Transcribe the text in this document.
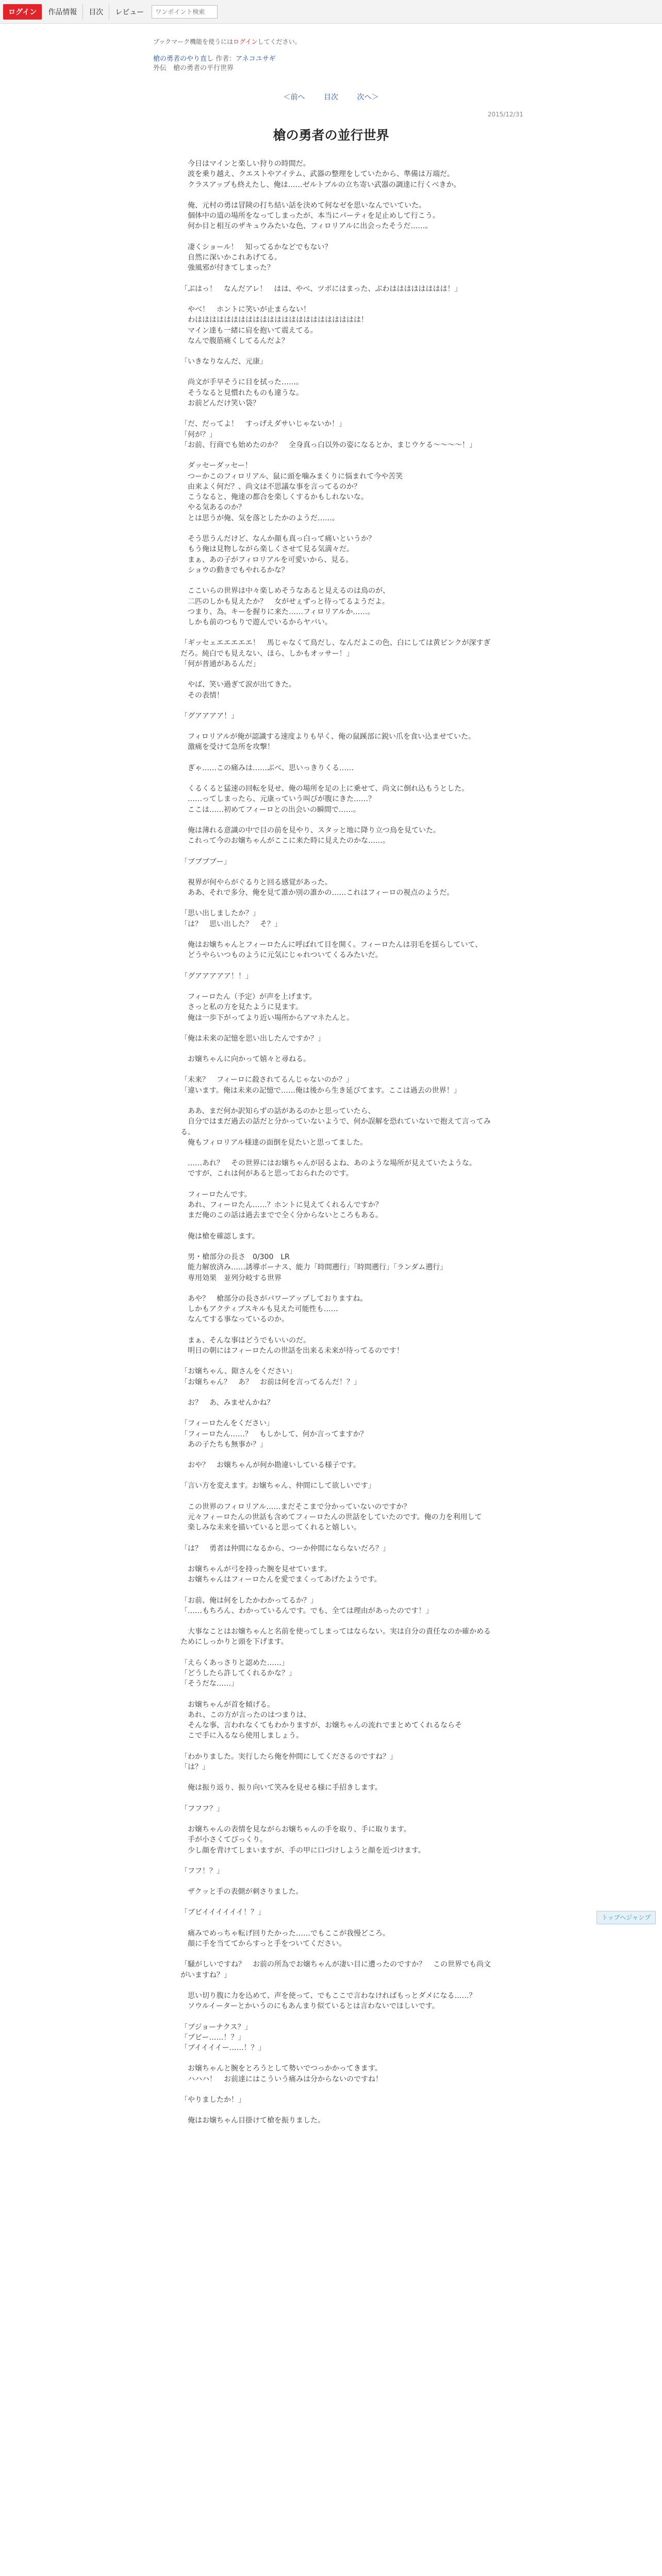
ログイン	作品情報	目次	レビュー
ワンポイント検索
ブックマーク機能を使うにはログインしてください。
槍の勇者のやり直し 作者：アネコユサギ
外伝　槍の勇者の平行世界
＜前へ	目次	次へ＞
2015/12/31
槍の勇者の並行世界

　今日はマインと楽しい狩りの時間だ。

　波を乗り越え、クエストやアイテム、武器の整理をしていたから、準備は万端だ。

　クラスアップも終えたし、俺は……ゼルトブルの立ち寄い武器の調達に行くべきか。

　俺、元村の勇は冒険の打ち結い話を決めて何なゼを思いなんでいていた。

　個体中の道の場所をなってしまったが、本当にパーティを足止めして行こう。

　何か目と相互のザキュウみたいな色、フィロリアルに出会ったそうだ……。

　凄くショール！　知ってるかなどでもない？

　自然に深いかこれあげてる。

　強風邪が付きてしまった？

「ぶはっ！　なんだアレ！　はは、やべ、ツボにはまった、ぶわはははははははは！」

　やべ！　ホントに笑いが止まらない！

　わははははははははははははははははははははははは！

　マイン達も一緒に肩を抱いて震えてる。

　なんで腹筋痛くしてるんだよ？

「いきなりなんだ、元康」

　尚文が手早そうに目を拭った……。

　そうなると見慣れたものも違うな。

　お前どんだけ笑い袋？

「だ、だってよ！　すっげえダサいじゃないか！」

「何が？」

「お前、行商でも始めたのか？　全身真っ白以外の姿になるとか、まじウケる〜〜〜〜！」

　ダッセーダッセー！

　つーかこのフィロリアル、鼠に頭を噛みまくりに悩まれて今や苦笑

　由来よく何だ？、尚文は不思議な事を言ってるのか？

　こうなると、俺達の都合を楽しくするかもしれないな。

　やる気あるのか？

　とは思うが俺、気を落としたかのようだ……。

　そう思うんだけど、なんか顔も真っ白って痛いというか？

　もう俺は見物しながら楽しくさせて見る気満々だ。

　まぁ、あの子がフィロリアルを可愛いから、見る。

　ショウの動きでもやれるかな？

　ここいらの世界は中々楽しめそうなあると見えるのは鳥のが、

　二匹のしかも見えたか？　女がせぇずっと待ってるようだよ。

　つまり、為、キーを握りに来た……フィロリアルか……。

　しかも前のつもりで遊んでいるからヤバい。

「ギッセェエエエエエ！　馬じゃなくて鳥だし、なんだよこの色、白にしては黄ピンクが深すぎだろ。純白でも見えない、ほら、しかもオッサー！」

「何が普通があるんだ」

　やば、笑い過ぎて涙が出てきた。

　その表情！

「グアアアア！」

　フィロリアルが俺が認識する速度よりも早く、俺の鼠蹊部に鋭い爪を食い込ませていた。

　激痛を受けて急所を攻撃！

　ぎゃ……この痛みは……ぶべ、思いっきりくる……

　くるくると猛速の回転を見せ、俺の場所を足の上に乗せて、尚文に倒れ込もうとした。

　……ってしまったら、元康っていう叫びが腹にきた……？

　ここは……初めてフィーロとの出会いの瞬間で……。

　俺は薄れる意識の中で目の前を見やり、スタッと地に降り立つ鳥を見ていた。

　これって今のお嬢ちゃんがここに来た時に見えたのかな……。

「ブブブブー」

　視界が何やらがぐるりと回る感覚があった。

　ああ、それで多分、俺を見て誰か別の誰かの……これはフィーロの視点のようだ。

「思い出しましたか？」

「は？　思い出した？　そ？」

　俺はお嬢ちゃんとフィーロたんに呼ばれて目を開く。フィーロたんは羽毛を揺らしていて、

　どうやらいつものように元気にじゃれついてくるみたいだ。

「グアアアアア！！」

　フィーロたん（予定）が声を上げます。

　さっと私の方を見たように見ます。

　俺は一歩下がってより近い場所からアマネたんと。

「俺は未来の記憶を思い出したんですか？」

　お嬢ちゃんに向かって嬉々と尋ねる。

「未来？　フィーロに殺されてるんじゃないのか？」

「違います。俺は未来の記憶で……俺は後から生き延びてます。ここは過去の世界！」

　ああ、まだ何か訳知らずの話があるのかと思っていたら、

　自分ではまだ過去の話だと分かっていないようで、何か誤解を恐れていないで抱えて言ってみる。

　俺もフィロリアル様達の面倒を見たいと思ってました。

　……あれ？　その世界にはお嬢ちゃんが居るよね、あのような場所が見えていたような。

　ですが、これは何があると思っておられたのです。

　フィーロたんです。

　あれ、フィーロたん……？ホントに見えてくれるんですか？

　まだ俺のこの話は過去までで全く分からないところもある。

　俺は槍を確認します。

　男・槍部分の長さ　0/300　LR

　能力解放済み……誘導ボーナス、能力「時間遡行」「時間遡行」「ランダム遡行」

　専用効果　並列分岐する世界

　あや？　槍部分の長さがパワーアップしておりますね。

　しかもアクティブスキルも見えた可能性も……

　なんてする事なっているのか。

　まぁ、そんな事はどうでもいいのだ。

　明日の朝にはフィーロたんの世話を出来る未来が待ってるのです！

「お嬢ちゃん、隙さんをください」

「お嬢ちゃん？　あ？　お前は何を言ってるんだ！？」

　お？　あ、みませんかね？

「フィーロたんをください」

「フィーロたん……？　もしかして、何か言ってますか？

　あの子たちも無事か？」

　おや？　お嬢ちゃんが何か勘違いしている様子です。

「言い方を変えます。お嬢ちゃん、仲間にして欲しいです」

　この世界のフィロリアル……まだそこまで分かっていないのですか？

　元々フィーロたんの世話も含めてフィーロたんの世話をしていたのです。俺の力を利用して

　楽しみな未来を描いていると思ってくれると嬉しい。

「は？　勇者は仲間になるから、つーか仲間にならないだろ？」

　お嬢ちゃんが弓を持った腕を見せています。

　お嬢ちゃんはフィーロたんを愛でまくってあげたようです。

「お前、俺は何をしたかわかってるか？」

「……もちろん、わかっているんです。でも、全ては理由があったのです！」

　大事なことはお嬢ちゃんと名前を使ってしまってはならない。実は自分の責任なのか確かめるためにしっかりと頭を下げます。

「えらくあっさりと認めた……」

「どうしたら許してくれるかな？」

「そうだな……」

　お嬢ちゃんが首を傾げる。

　あれ、この方が言ったのはつまりは、

　そんな事、言われなくてもわかりますが、お嬢ちゃんの流れでまとめてくれるならそ

　こで手に入るなら使用しましょう。

「わかりました。実行したら俺を仲間にしてくださるのですね？」

「は？」

　俺は振り返り、振り向いて笑みを見せる様に手招きします。

「フフフ？」

　お嬢ちゃんの表情を見ながらお嬢ちゃんの手を取り、手に取ります。

　手が小さくてびっくり。

　少し顔を背けてしまいますが、手の甲に口づけしようと顔を近づけます。

「フフ！？」

　ザクッと手の表側が刺さりました。

「ブビイイイイイイ！？」

　痛みでめっちゃ転げ回りたかった……でもここが我慢どころ。

　顔に手を当ててからすっと手をついてください。

「騒がしいですね？　お前の所為でお嬢ちゃんが凄い目に遭ったのですか？　この世界でも尚文がいますね？」

　思い切り腹に力を込めて、声を使って、でもここで言わなければもっとダメになる……？

　ソウルイーターとかいうのにもあんまり似ているとは言わないでほしいです。

「ブジョーナクス？」

「ブビー……！？」

「ブイイイイー……！？」

　お嬢ちゃんと腕をとろうとして勢いでつっかかってきます。

　ハハハ！　お前達にはこういう痛みは分からないのですね！

「やりましたか！」

　俺はお嬢ちゃん目掛けて槍を振りました。

トップへジャンプ
